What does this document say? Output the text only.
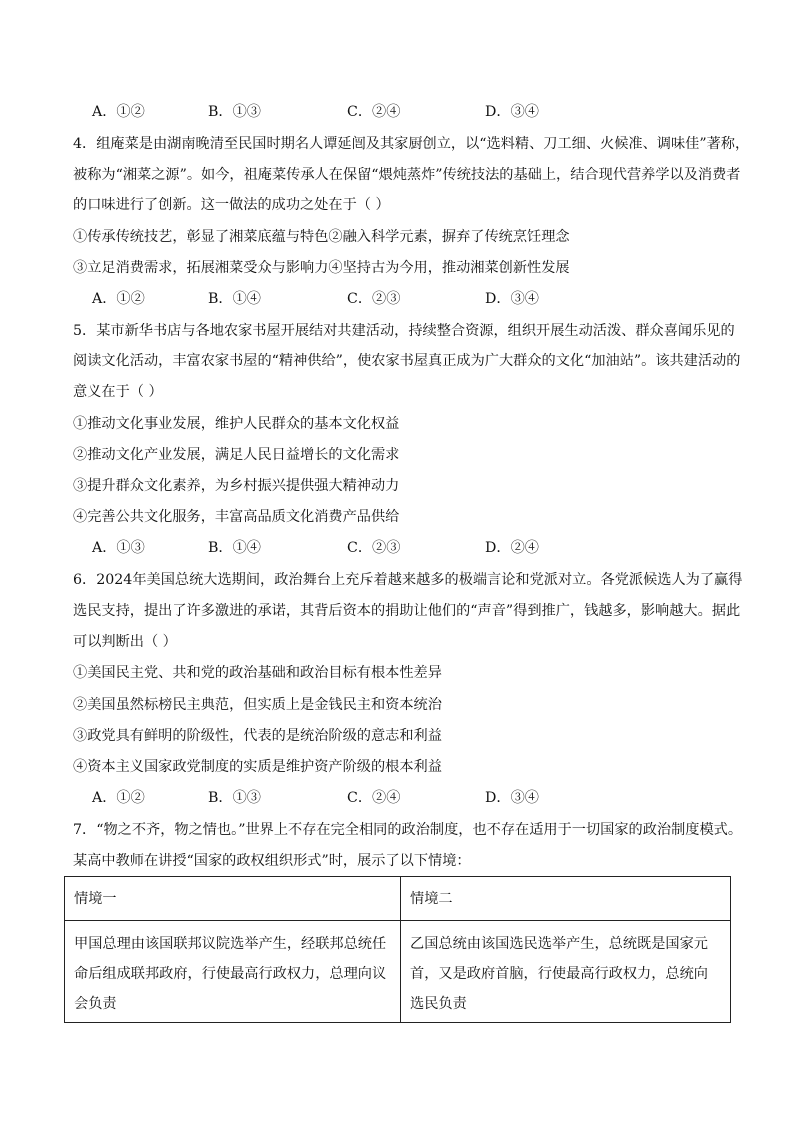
A．①②	B．①③	C．②④	D．③④
4．组庵菜是由湖南晚清至民国时期名人谭延闿及其家厨创立，以“选料精、刀工细、火候准、调味佳”著称，
被称为“湘菜之源”。如今，祖庵菜传承人在保留“煨炖蒸炸”传统技法的基础上，结合现代营养学以及消费者
的口味进行了创新。这一做法的成功之处在于（ ）
①传承传统技艺，彰显了湘菜底蕴与特色②融入科学元素，摒弃了传统烹饪理念
③立足消费需求，拓展湘菜受众与影响力④坚持古为今用，推动湘菜创新性发展
A．①②	B．①④	C．②③	D．③④
5．某市新华书店与各地农家书屋开展结对共建活动，持续整合资源，组织开展生动活泼、群众喜闻乐见的
阅读文化活动，丰富农家书屋的“精神供给”，使农家书屋真正成为广大群众的文化“加油站”。该共建活动的
意义在于（ ）
①推动文化事业发展，维护人民群众的基本文化权益
②推动文化产业发展，满足人民日益增长的文化需求
③提升群众文化素养，为乡村振兴提供强大精神动力
④完善公共文化服务，丰富高品质文化消费产品供给
A．①③	B．①④	C．②③	D．②④
6．2024年美国总统大选期间，政治舞台上充斥着越来越多的极端言论和党派对立。各党派候选人为了赢得
选民支持，提出了许多激进的承诺，其背后资本的捐助让他们的“声音”得到推广，钱越多，影响越大。据此
可以判断出（ ）
①美国民主党、共和党的政治基础和政治目标有根本性差异
②美国虽然标榜民主典范，但实质上是金钱民主和资本统治
③政党具有鲜明的阶级性，代表的是统治阶级的意志和利益
④资本主义国家政党制度的实质是维护资产阶级的根本利益
A．①②	B．①③	C．②④	D．③④
7．“物之不齐，物之情也。”世界上不存在完全相同的政治制度，也不存在适用于一切国家的政治制度模式。
某高中教师在讲授“国家的政权组织形式”时，展示了以下情境：
情境一	情境二
甲国总理由该国联邦议院选举产生，经联邦总统任命后组成联邦政府，行使最高行政权力，总理向议会负责	乙国总统由该国选民选举产生，总统既是国家元首，又是政府首脑，行使最高行政权力，总统向选民负责
